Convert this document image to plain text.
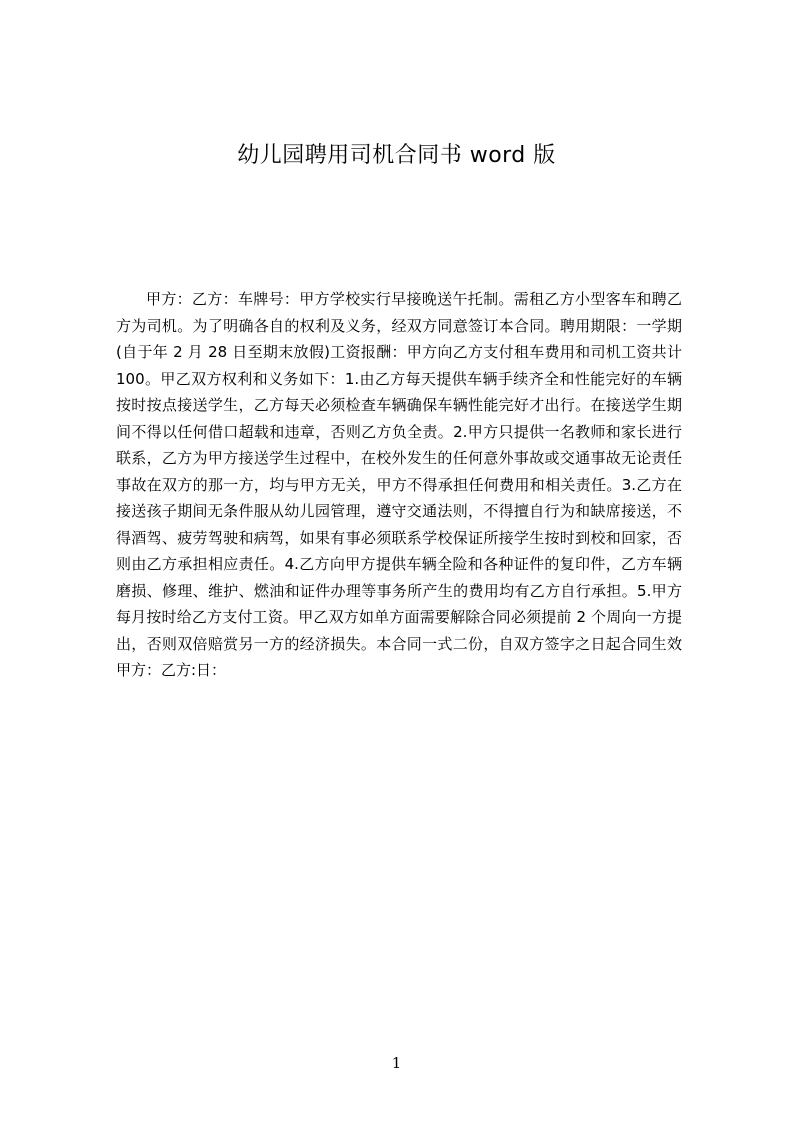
幼儿园聘用司机合同书 word 版

甲方：乙方：车牌号：甲方学校实行早接晚送午托制。需租乙方小型客车和聘乙方为司机。为了明确各自的权利及义务，经双方同意签订本合同。聘用期限：一学期(自于年 2 月 28 日至期末放假)工资报酬：甲方向乙方支付租车费用和司机工资共计 100。甲乙双方权利和义务如下：1.由乙方每天提供车辆手续齐全和性能完好的车辆按时按点接送学生，乙方每天必须检查车辆确保车辆性能完好才出行。在接送学生期间不得以任何借口超载和违章，否则乙方负全责。2.甲方只提供一名教师和家长进行联系，乙方为甲方接送学生过程中，在校外发生的任何意外事故或交通事故无论责任事故在双方的那一方，均与甲方无关，甲方不得承担任何费用和相关责任。3.乙方在接送孩子期间无条件服从幼儿园管理，遵守交通法则，不得擅自行为和缺席接送，不得酒驾、疲劳驾驶和病驾，如果有事必须联系学校保证所接学生按时到校和回家，否则由乙方承担相应责任。4.乙方向甲方提供车辆全险和各种证件的复印件，乙方车辆磨损、修理、维护、燃油和证件办理等事务所产生的费用均有乙方自行承担。5.甲方每月按时给乙方支付工资。甲乙双方如单方面需要解除合同必须提前 2 个周向一方提出，否则双倍赔赏另一方的经济损失。本合同一式二份，自双方签字之日起合同生效甲方：乙方:日：

1
